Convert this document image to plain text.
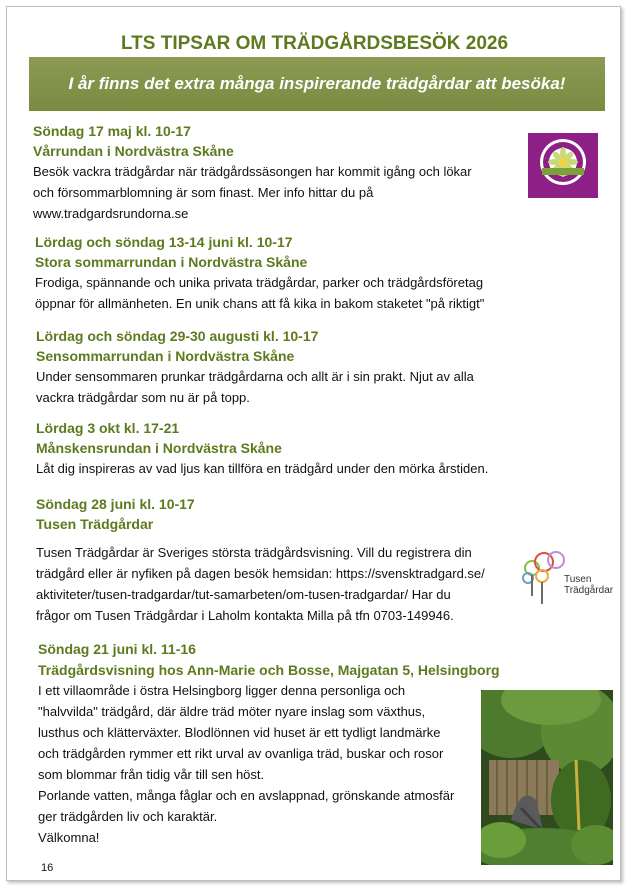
LTS TIPSAR OM TRÄDGÅRDSBESÖK 2026
I år finns det extra många inspirerande trädgårdar att besöka!
Söndag 17 maj kl. 10-17
Vårrundan i Nordvästra Skåne
Besök vackra trädgårdar när trädgårdssäsongen har kommit igång och lökar
och försommarblomning är som finast. Mer info hittar du på
www.tradgardsrundorna.se
Lördag och söndag 13-14 juni kl. 10-17
Stora sommarrundan i Nordvästra Skåne
Frodiga, spännande och unika privata trädgårdar, parker och trädgårdsföretag
öppnar för allmänheten. En unik chans att få kika in bakom staketet "på riktigt"
Lördag och söndag 29-30 augusti kl. 10-17
Sensommarrundan i Nordvästra Skåne
Under sensommaren prunkar trädgårdarna och allt är i sin prakt. Njut av alla
vackra trädgårdar som nu är på topp.
Lördag 3 okt kl. 17-21
Månskensrundan i Nordvästra Skåne
Låt dig inspireras av vad ljus kan tillföra en trädgård under den mörka årstiden.
Söndag 28 juni kl. 10-17
Tusen Trädgårdar
Tusen Trädgårdar är Sveriges största trädgårdsvisning. Vill du registrera din
trädgård eller är nyfiken på dagen besök hemsidan: https://svensktradgard.se/
aktiviteter/tusen-tradgardar/tut-samarbeten/om-tusen-tradgardar/ Har du
frågor om Tusen Trädgårdar i Laholm kontakta Milla på tfn 0703-149946.
Söndag 21 juni kl. 11-16
Trädgårdsvisning hos Ann-Marie och Bosse, Majgatan 5, Helsingborg
I ett villaområde i östra Helsingborg ligger denna personliga och
"halvvilda" trädgård, där äldre träd möter nyare inslag som växthus,
lusthus och klätterväxter. Blodlönnen vid huset är ett tydligt landmärke
och trädgården rymmer ett rikt urval av ovanliga träd, buskar och rosor
som blommar från tidig vår till sen höst.
Porlande vatten, många fåglar och en avslappnad, grönskande atmosfär
ger trädgården liv och karaktär.
Välkomna!
Tusen
Trädgårdar
16
